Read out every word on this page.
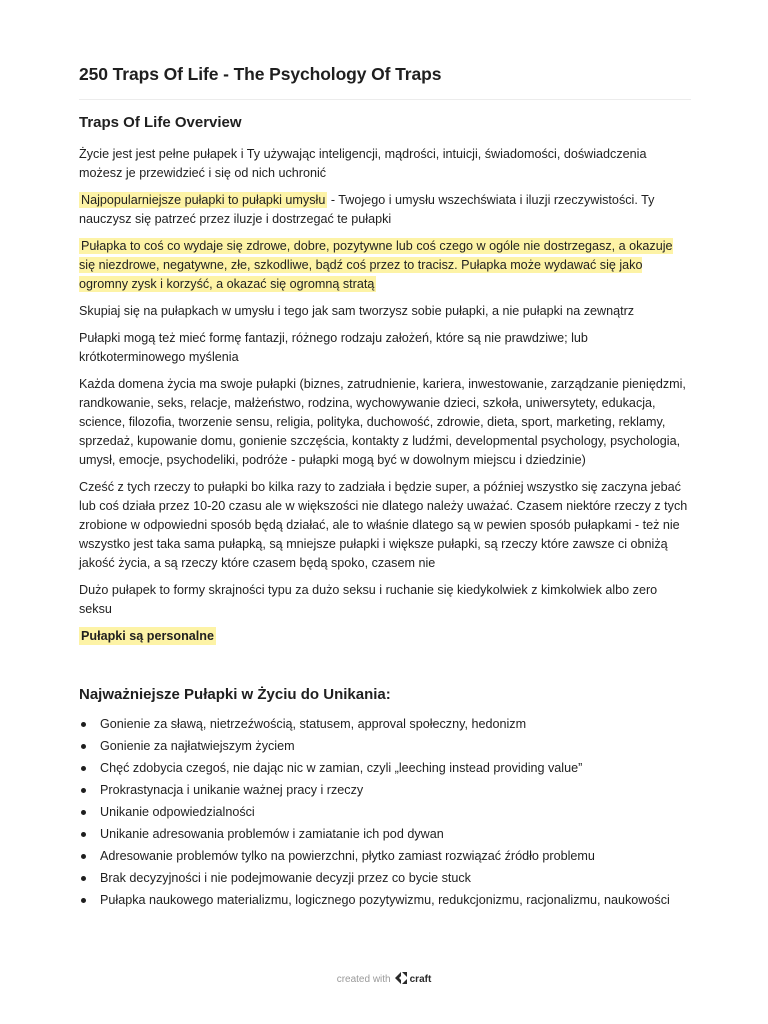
250 Traps Of Life - The Psychology Of Traps
Traps Of Life Overview

Życie jest jest pełne pułapek i Ty używając inteligencji, mądrości, intuicji, świadomości, doświadczenia możesz je przewidzieć i się od nich uchronić

Najpopularniejsze pułapki to pułapki umysłu - Twojego i umysłu wszechświata i iluzji rzeczywistości. Ty nauczysz się patrzeć przez iluzje i dostrzegać te pułapki

Pułapka to coś co wydaje się zdrowe, dobre, pozytywne lub coś czego w ogóle nie dostrzegasz, a okazuje się niezdrowe, negatywne, złe, szkodliwe, bądź coś przez to tracisz. Pułapka może wydawać się jako ogromny zysk i korzyść, a okazać się ogromną stratą

Skupiaj się na pułapkach w umysłu i tego jak sam tworzysz sobie pułapki, a nie pułapki na zewnątrz

Pułapki mogą też mieć formę fantazji, różnego rodzaju założeń, które są nie prawdziwe; lub krótkoterminowego myślenia

Każda domena życia ma swoje pułapki (biznes, zatrudnienie, kariera, inwestowanie, zarządzanie pieniędzmi, randkowanie, seks, relacje, małżeństwo, rodzina, wychowywanie dzieci, szkoła, uniwersytety, edukacja, science, filozofia, tworzenie sensu, religia, polityka, duchowość, zdrowie, dieta, sport, marketing, reklamy, sprzedaż, kupowanie domu, gonienie szczęścia, kontakty z ludźmi, developmental psychology, psychologia, umysł, emocje, psychodeliki, podróże - pułapki mogą być w dowolnym miejscu i dziedzinie)

Cześć z tych rzeczy to pułapki bo kilka razy to zadziała i będzie super, a później wszystko się zaczyna jebać lub coś działa przez 10-20 czasu ale w większości nie dlatego należy uważać. Czasem niektóre rzeczy z tych zrobione w odpowiedni sposób będą działać, ale to właśnie dlatego są w pewien sposób pułapkami - też nie wszystko jest taka sama pułapką, są mniejsze pułapki i większe pułapki, są rzeczy które zawsze ci obniżą jakość życia, a są rzeczy które czasem będą spoko, czasem nie

Dużo pułapek to formy skrajności typu za dużo seksu i ruchanie się kiedykolwiek z kimkolwiek albo zero seksu

Pułapki są personalne

Najważniejsze Pułapki w Życiu do Unikania:
Gonienie za sławą, nietrzeźwością, statusem, approval społeczny, hedonizm
Gonienie za najłatwiejszym życiem
Chęć zdobycia czegoś, nie dając nic w zamian, czyli „leeching instead providing value”
Prokrastynacja i unikanie ważnej pracy i rzeczy
Unikanie odpowiedzialności
Unikanie adresowania problemów i zamiatanie ich pod dywan
Adresowanie problemów tylko na powierzchni, płytko zamiast rozwiązać źródło problemu
Brak decyzyjności i nie podejmowanie decyzji przez co bycie stuck
Pułapka naukowego materializmu, logicznego pozytywizmu, redukcjonizmu, racjonalizmu, naukowości
created with craft
